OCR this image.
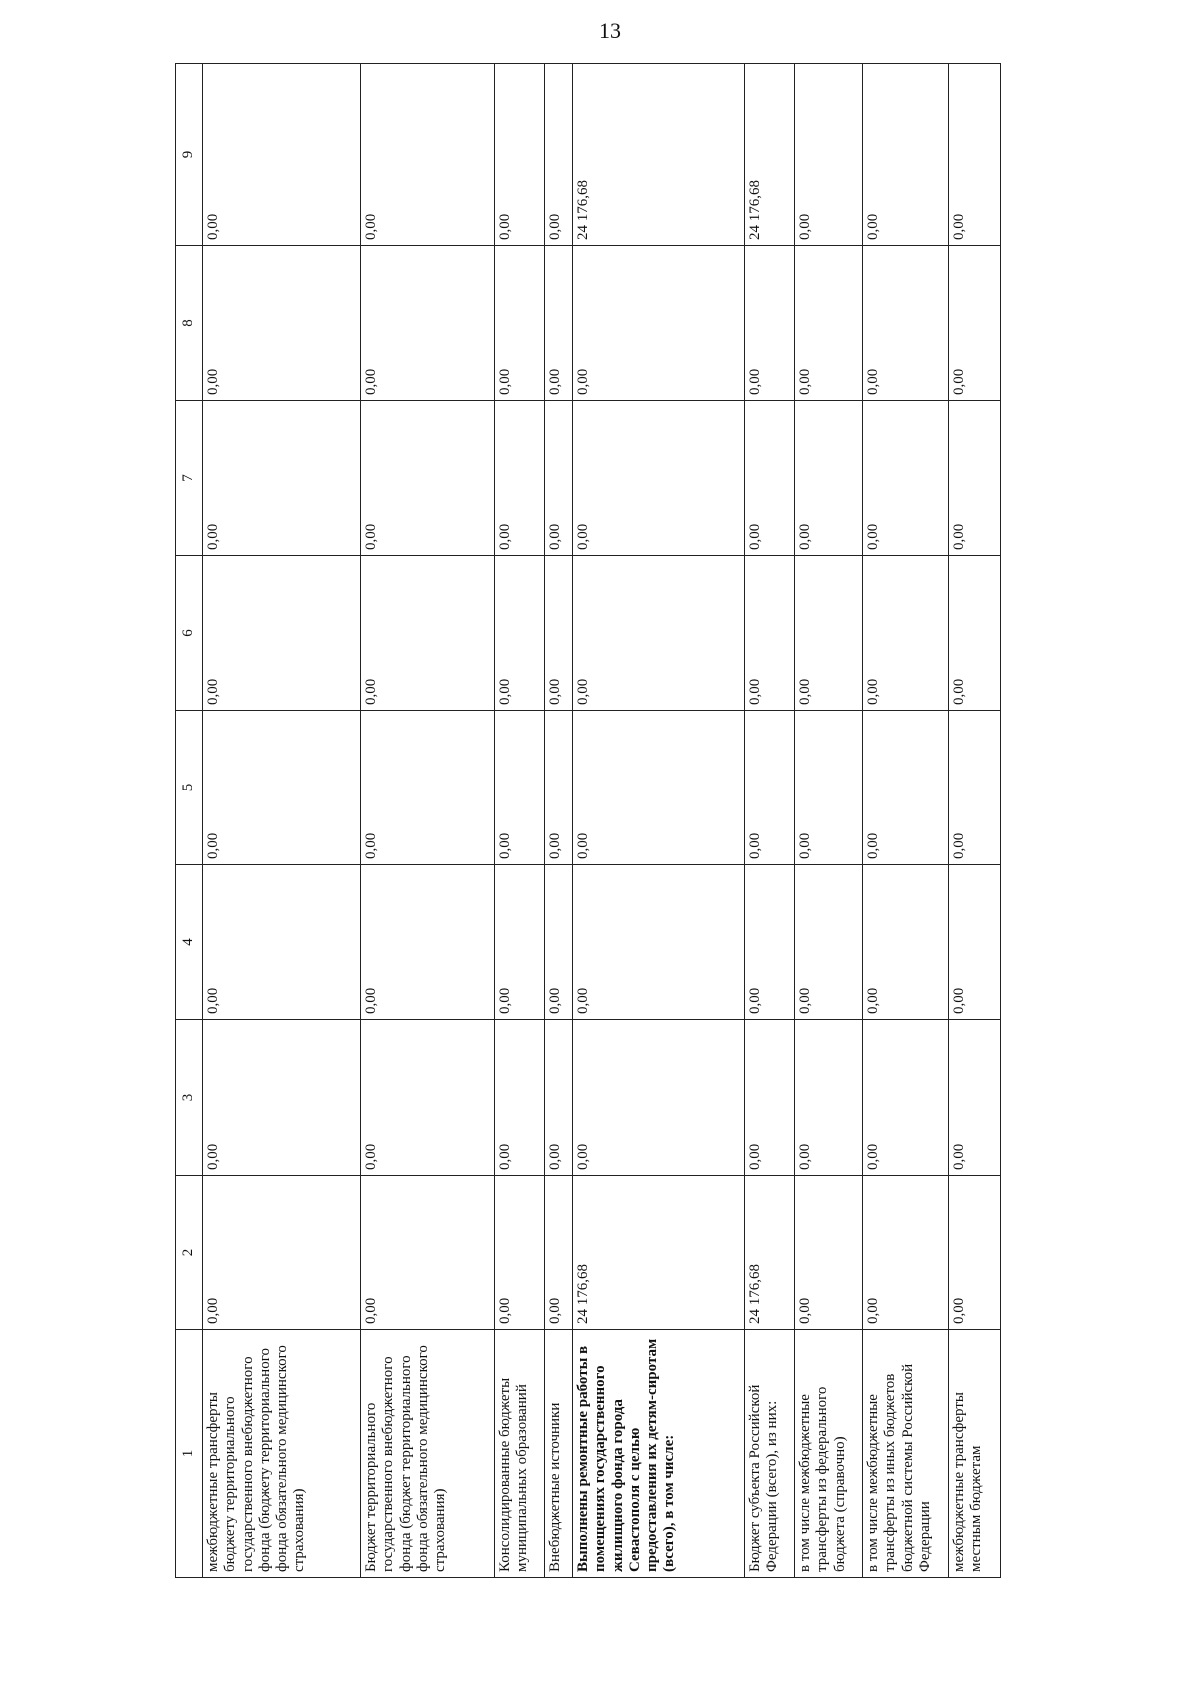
13
1	2	3	4	5	6	7	8	9
межбюджетные трансферты бюджету территориального государственного внебюджетного фонда (бюджету территориального фонда обязательного медицинского страхования)	0,00	0,00	0,00	0,00	0,00	0,00	0,00	0,00
Бюджет территориального государственного внебюджетного фонда (бюджет территориального фонда обязательного медицинского страхования)	0,00	0,00	0,00	0,00	0,00	0,00	0,00	0,00
Консолидированные бюджеты муниципальных образований	0,00	0,00	0,00	0,00	0,00	0,00	0,00	0,00
Внебюджетные источники	0,00	0,00	0,00	0,00	0,00	0,00	0,00	0,00
Выполнены ремонтные работы в помещениях государственного жилищного фонда города Севастополя с целью предоставления их детям-сиротам (всего), в том числе:	24 176,68	0,00	0,00	0,00	0,00	0,00	0,00	24 176,68
Бюджет субъекта Российской Федерации (всего), из них:	24 176,68	0,00	0,00	0,00	0,00	0,00	0,00	24 176,68
в том числе межбюджетные трансферты из федерального бюджета (справочно)	0,00	0,00	0,00	0,00	0,00	0,00	0,00	0,00
в том числе межбюджетные трансферты из иных бюджетов бюджетной системы Российской Федерации	0,00	0,00	0,00	0,00	0,00	0,00	0,00	0,00
межбюджетные трансферты местным бюджетам	0,00	0,00	0,00	0,00	0,00	0,00	0,00	0,00
